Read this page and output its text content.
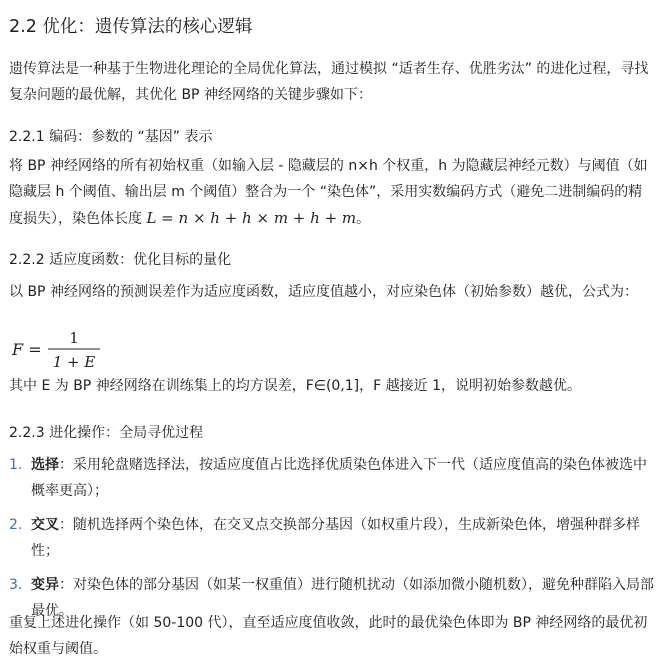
2.2 优化：遗传算法的核心逻辑

遗传算法是一种基于生物进化理论的全局优化算法，通过模拟 “适者生存、优胜劣汰” 的进化过程，寻找复杂问题的最优解，其优化 BP 神经网络的关键步骤如下：

2.2.1 编码：参数的 “基因” 表示

将 BP 神经网络的所有初始权重（如输入层 - 隐藏层的 n×h 个权重，h 为隐藏层神经元数）与阈值（如隐藏层 h 个阈值、输出层 m 个阈值）整合为一个 “染色体”，采用实数编码方式（避免二进制编码的精度损失），染色体长度 L = n × h + h × m + h + m。

2.2.2 适应度函数：优化目标的量化

以 BP 神经网络的预测误差作为适应度函数，适应度值越小，对应染色体（初始参数）越优，公式为：

F =
1
1 + E

其中 E 为 BP 神经网络在训练集上的均方误差，F∈(0,1]，F 越接近 1，说明初始参数越优。

2.2.3 进化操作：全局寻优过程
1. 选择：采用轮盘赌选择法，按适应度值占比选择优质染色体进入下一代（适应度值高的染色体被选中概率更高）；
2. 交叉：随机选择两个染色体，在交叉点交换部分基因（如权重片段），生成新染色体，增强种群多样性；
3. 变异：对染色体的部分基因（如某一权重值）进行随机扰动（如添加微小随机数），避免种群陷入局部最优。

重复上述进化操作（如 50-100 代），直至适应度值收敛，此时的最优染色体即为 BP 神经网络的最优初始权重与阈值。
